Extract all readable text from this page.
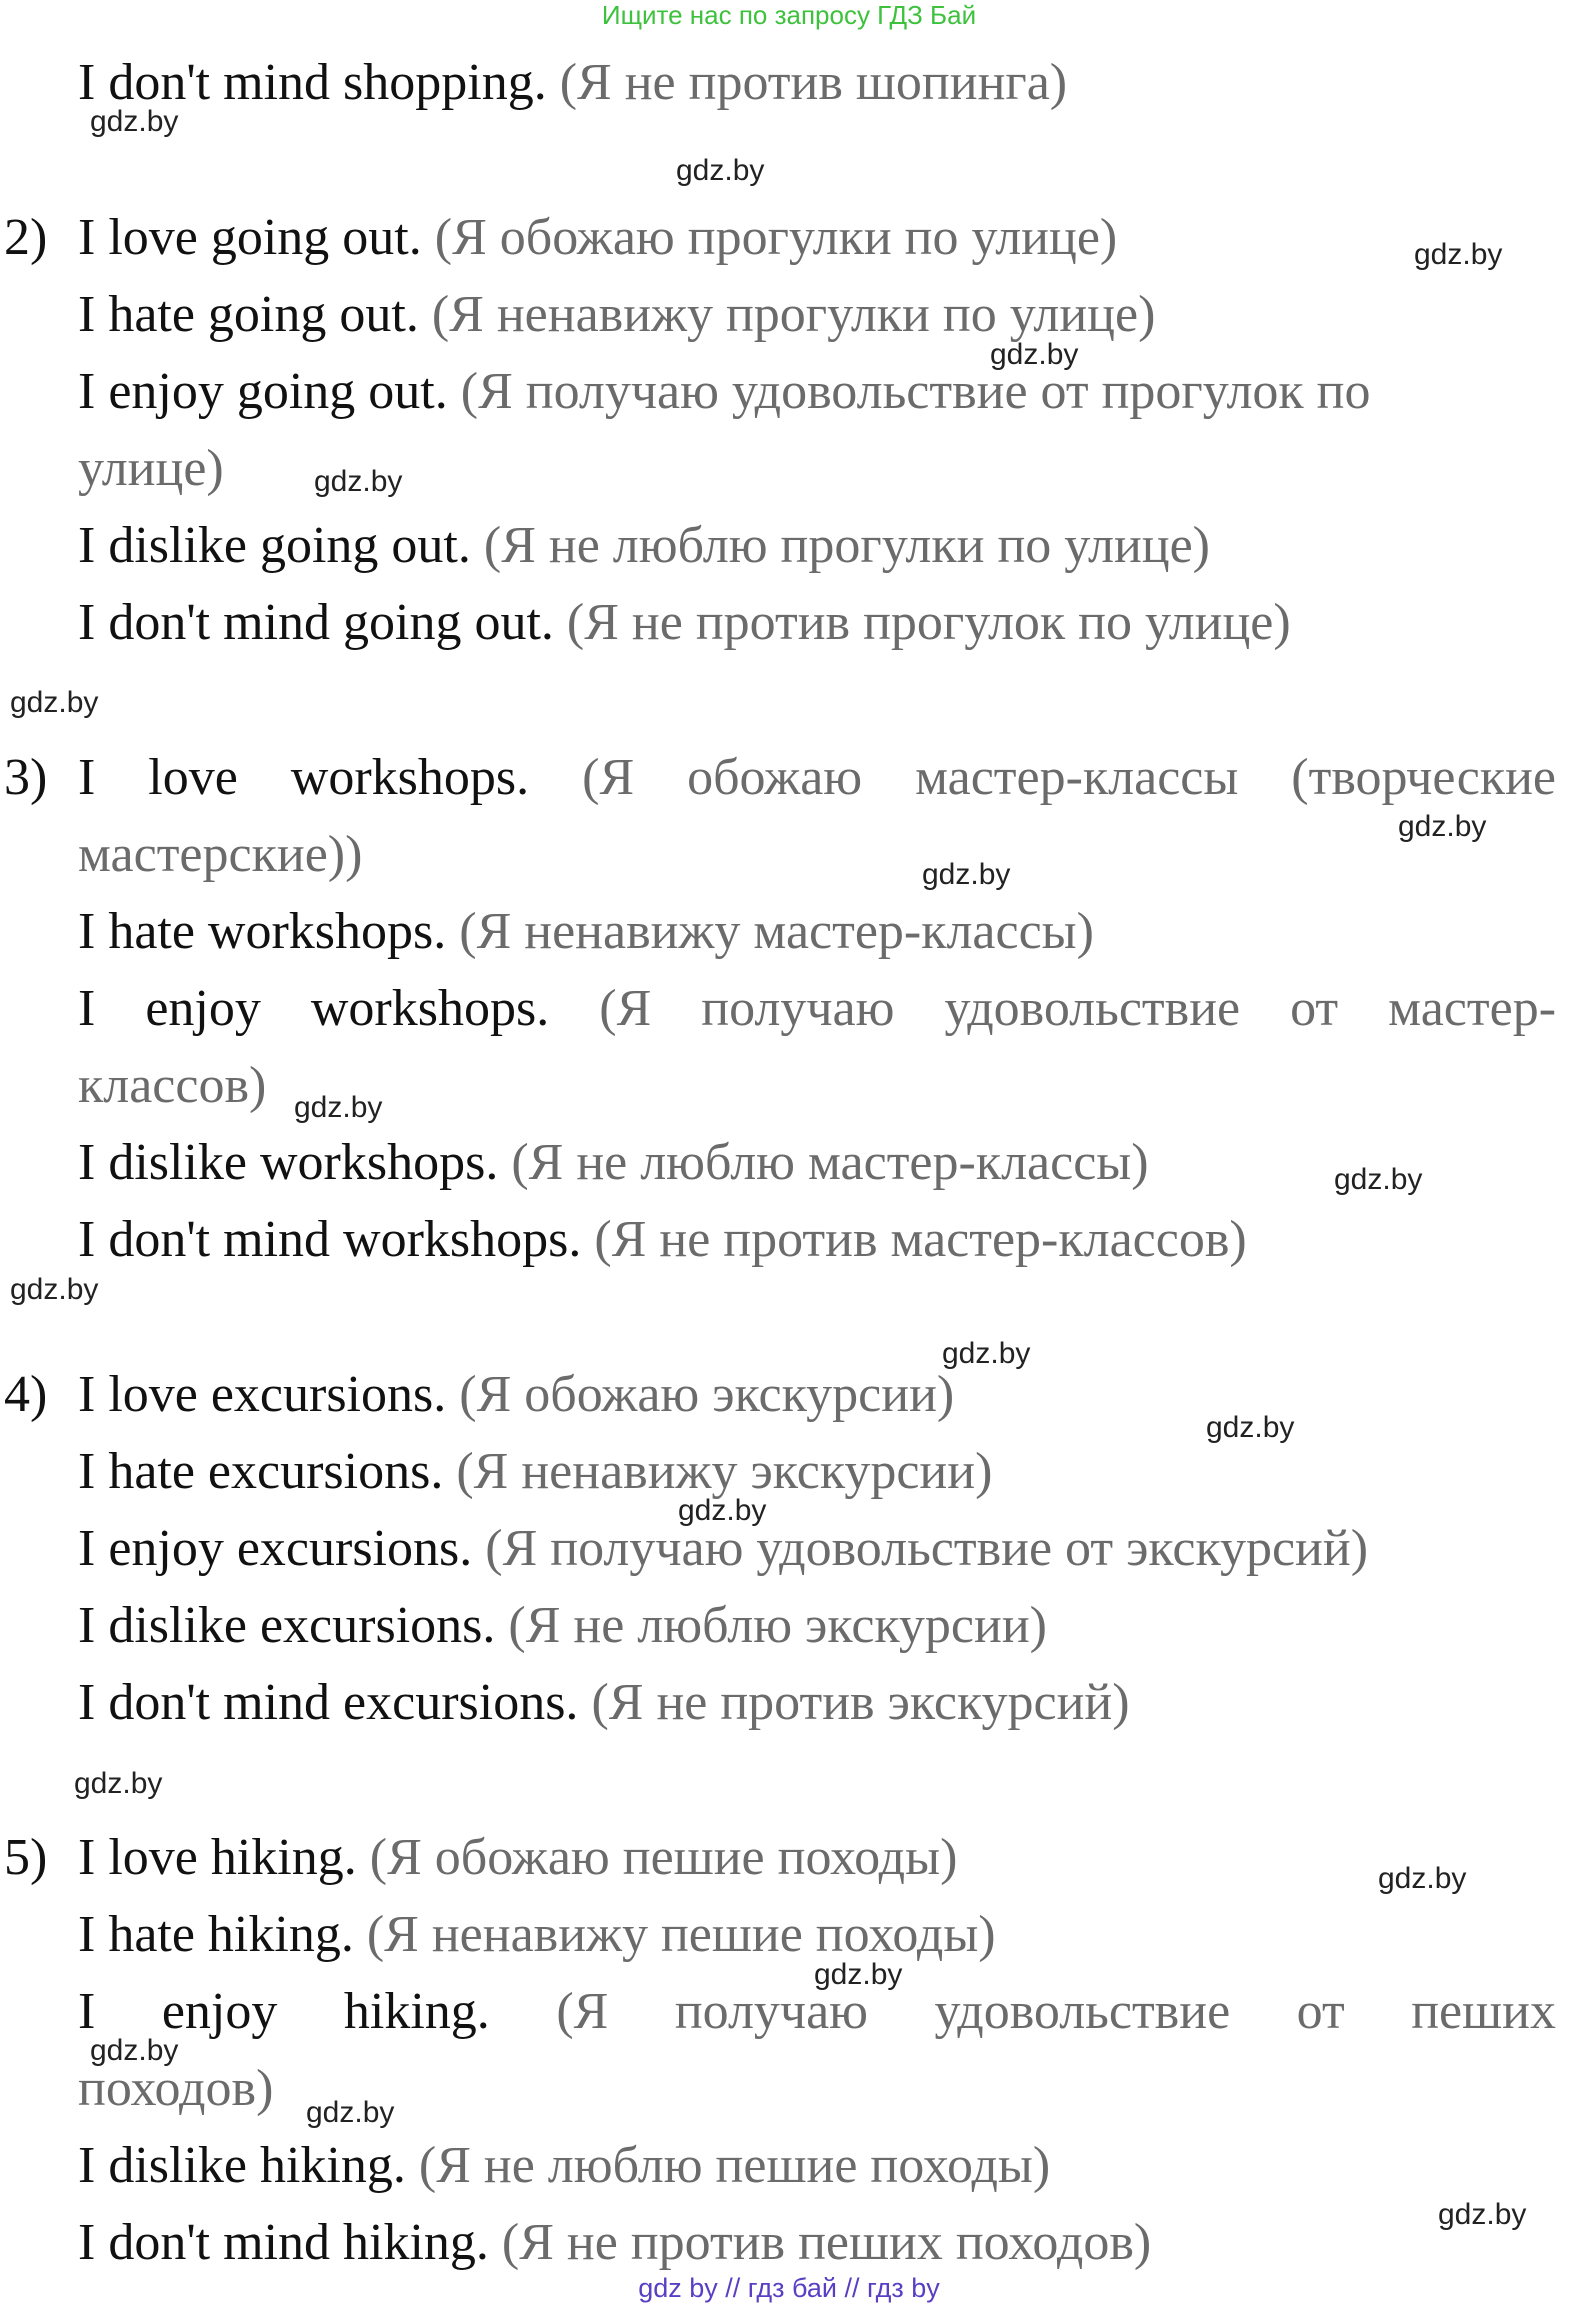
Ищите нас по запросу ГДЗ Бай
I don't mind shopping. (Я не против шопинга)
2) I love going out. (Я обожаю прогулки по улице)
I hate going out. (Я ненавижу прогулки по улице)
I enjoy going out. (Я получаю удовольствие от прогулок по
улице)
I dislike going out. (Я не люблю прогулки по улице)
I don't mind going out. (Я не против прогулок по улице)
3) I love workshops. (Я обожаю мастер-классы (творческие
мастерские))
I hate workshops. (Я ненавижу мастер-классы)
I enjoy workshops. (Я получаю удовольствие от мастер-
классов)
I dislike workshops. (Я не люблю мастер-классы)
I don't mind workshops. (Я не против мастер-классов)
4) I love excursions. (Я обожаю экскурсии)
I hate excursions. (Я ненавижу экскурсии)
I enjoy excursions. (Я получаю удовольствие от экскурсий)
I dislike excursions. (Я не люблю экскурсии)
I don't mind excursions. (Я не против экскурсий)
5) I love hiking. (Я обожаю пешие походы)
I hate hiking. (Я ненавижу пешие походы)
I enjoy hiking. (Я получаю удовольствие от пеших
походов)
I dislike hiking. (Я не люблю пешие походы)
I don't mind hiking. (Я не против пеших походов)
gdz.by
gdz.by
gdz.by
gdz.by
gdz.by
gdz.by
gdz.by
gdz.by
gdz.by
gdz.by
gdz.by
gdz.by
gdz.by
gdz.by
gdz.by
gdz.by
gdz.by
gdz.by
gdz.by
gdz.by
gdz by // гдз бай // гдз by
